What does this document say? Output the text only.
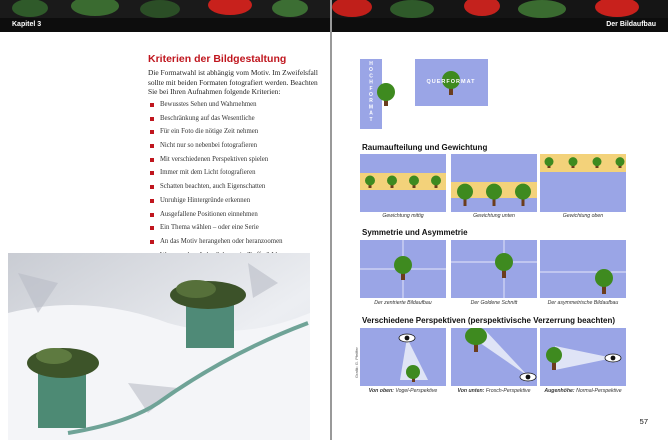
Kapitel 3
Kriterien der Bildgestaltung
Die Formatwahl ist abhängig vom Motiv. Im Zweifelsfall sollte mit beiden Formaten fotografiert werden. Beachten Sie bei Ihren Aufnahmen folgende Kriterien:
Bewusstes Sehen und Wahrnehmen
Beschränkung auf das Wesentliche
Für ein Foto die nötige Zeit nehmen
Nicht nur so nebenbei fotografieren
Mit verschiedenen Perspektiven spielen
Immer mit dem Licht fotografieren
Schatten beachten, auch Eigenschatten
Unruhige Hintergründe erkennen
Ausgefallene Positionen einnehmen
Ein Thema wählen – oder eine Serie
An das Motiv herangehen oder heranzoomen
Der Bildaufbau
H O C H F O R M A T
QUERFORMAT
Raumaufteilung und Gewichtung
Gewichtung mittig	Gewichtung unten	Gewichtung oben
Symmetrie und Asymmetrie
Der zentrierte Bildaufbau	Der Goldene Schnitt	Der asymmetrische Bildaufbau
Verschiedene Perspektiven (perspektivische Verzerrung beachten)
Von oben: Vogel-Perspektive	Von unten: Frosch-Perspektive	Augenhöhe: Normal-Perspektive
Grafik: G. Pfeiffer
57
